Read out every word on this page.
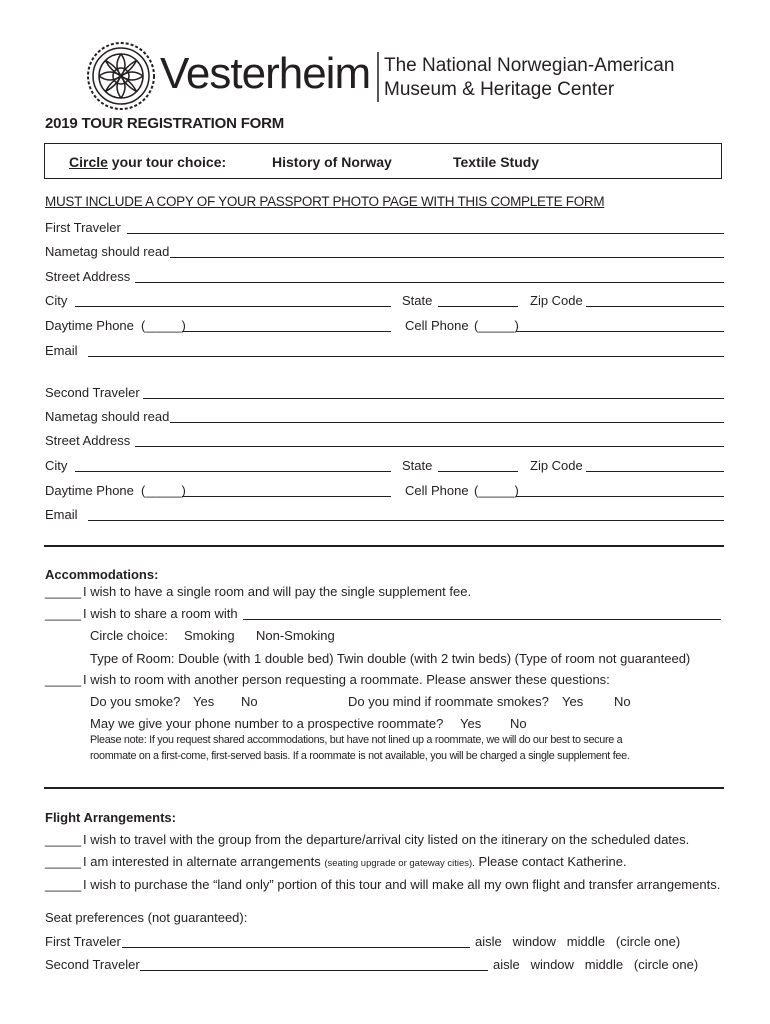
Vesterheim The National Norwegian-American
Museum & Heritage Center
2019 TOUR REGISTRATION FORM
Circle your tour choice:	History of Norway	Textile Study
MUST INCLUDE A COPY OF YOUR PASSPORT PHOTO PAGE WITH THIS COMPLETE FORM
First Traveler
Nametag should read
Street Address
City	State	Zip Code
Daytime Phone (_____)	Cell Phone (_____)
Email
Second Traveler
Nametag should read
Street Address
City	State	Zip Code
Daytime Phone (_____)	Cell Phone (_____)
Email
Accommodations:
_____ I wish to have a single room and will pay the single supplement fee.
_____ I wish to share a room with
Circle choice: Smoking Non-Smoking
Type of Room: Double (with 1 double bed) Twin double (with 2 twin beds) (Type of room not guaranteed)
_____ I wish to room with another person requesting a roommate. Please answer these questions:
Do you smoke? Yes No	Do you mind if roommate smokes? Yes No
May we give your phone number to a prospective roommate? Yes No
Please note: If you request shared accommodations, but have not lined up a roommate, we will do our best to secure a
roommate on a first-come, first-served basis. If a roommate is not available, you will be charged a single supplement fee.
Flight Arrangements:
_____ I wish to travel with the group from the departure/arrival city listed on the itinerary on the scheduled dates.
_____ I am interested in alternate arrangements (seating upgrade or gateway cities). Please contact Katherine.
_____ I wish to purchase the “land only” portion of this tour and will make all my own flight and transfer arrangements.
Seat preferences (not guaranteed):
First Traveler	aisle   window   middle   (circle one)
Second Traveler	aisle   window   middle   (circle one)
